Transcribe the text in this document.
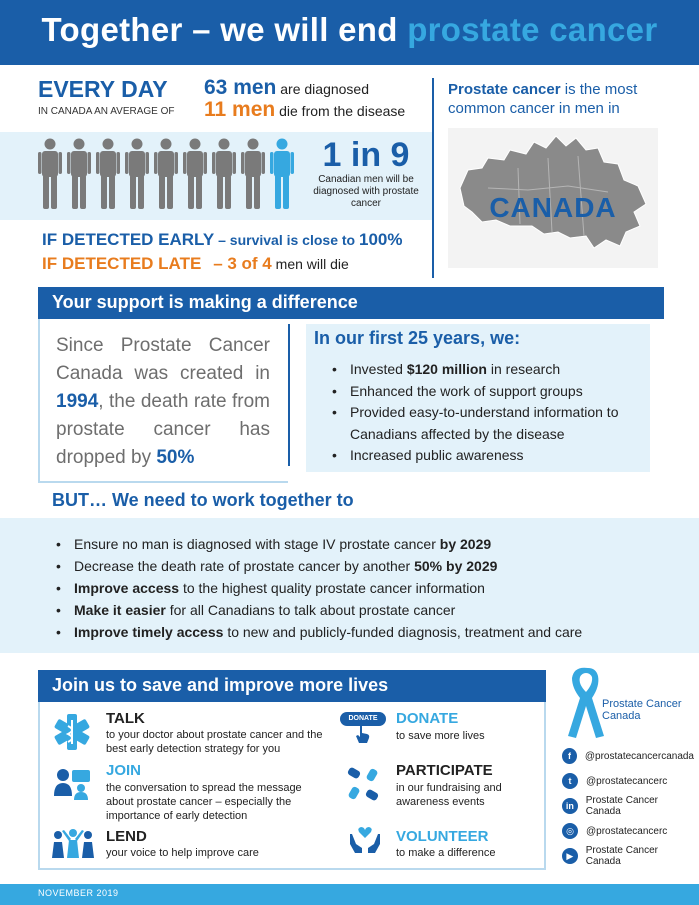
Together – we will end prostate cancer
EVERY DAY
IN CANADA AN AVERAGE OF
63 men are diagnosed
11 men die from the disease
1 in 9
Canadian men will be diagnosed with prostate cancer
IF DETECTED EARLY – survival is close to 100%
IF DETECTED LATE – 3 of 4 men will die
Prostate cancer is the most common cancer in men in
CANADA
Your support is making a difference
Since Prostate Cancer Canada was created in 1994, the death rate from prostate cancer has dropped by 50%
In our first 25 years, we:
• Invested $120 million in research
• Enhanced the work of support groups
• Provided easy-to-understand information to Canadians affected by the disease
• Increased public awareness
BUT… We need to work together to
• Ensure no man is diagnosed with stage IV prostate cancer by 2029
• Decrease the death rate of prostate cancer by another 50% by 2029
• Improve access to the highest quality prostate cancer information
• Make it easier for all Canadians to talk about prostate cancer
• Improve timely access to new and publicly-funded diagnosis, treatment and care
Join us to save and improve more lives
TALK
to your doctor about prostate cancer and the best early detection strategy for you
JOIN
the conversation to spread the message about prostate cancer – especially the importance of early detection
LEND
your voice to help improve care
DONATE	DONATE
to save more lives
PARTICIPATE
in our fundraising and awareness events
VOLUNTEER
to make a difference
Prostate Cancer
Canada
f	@prostatecancercanada
t	@prostatecancerc
in	Prostate Cancer Canada
◎	@prostatecancerc
▶	Prostate Cancer Canada
NOVEMBER 2019
